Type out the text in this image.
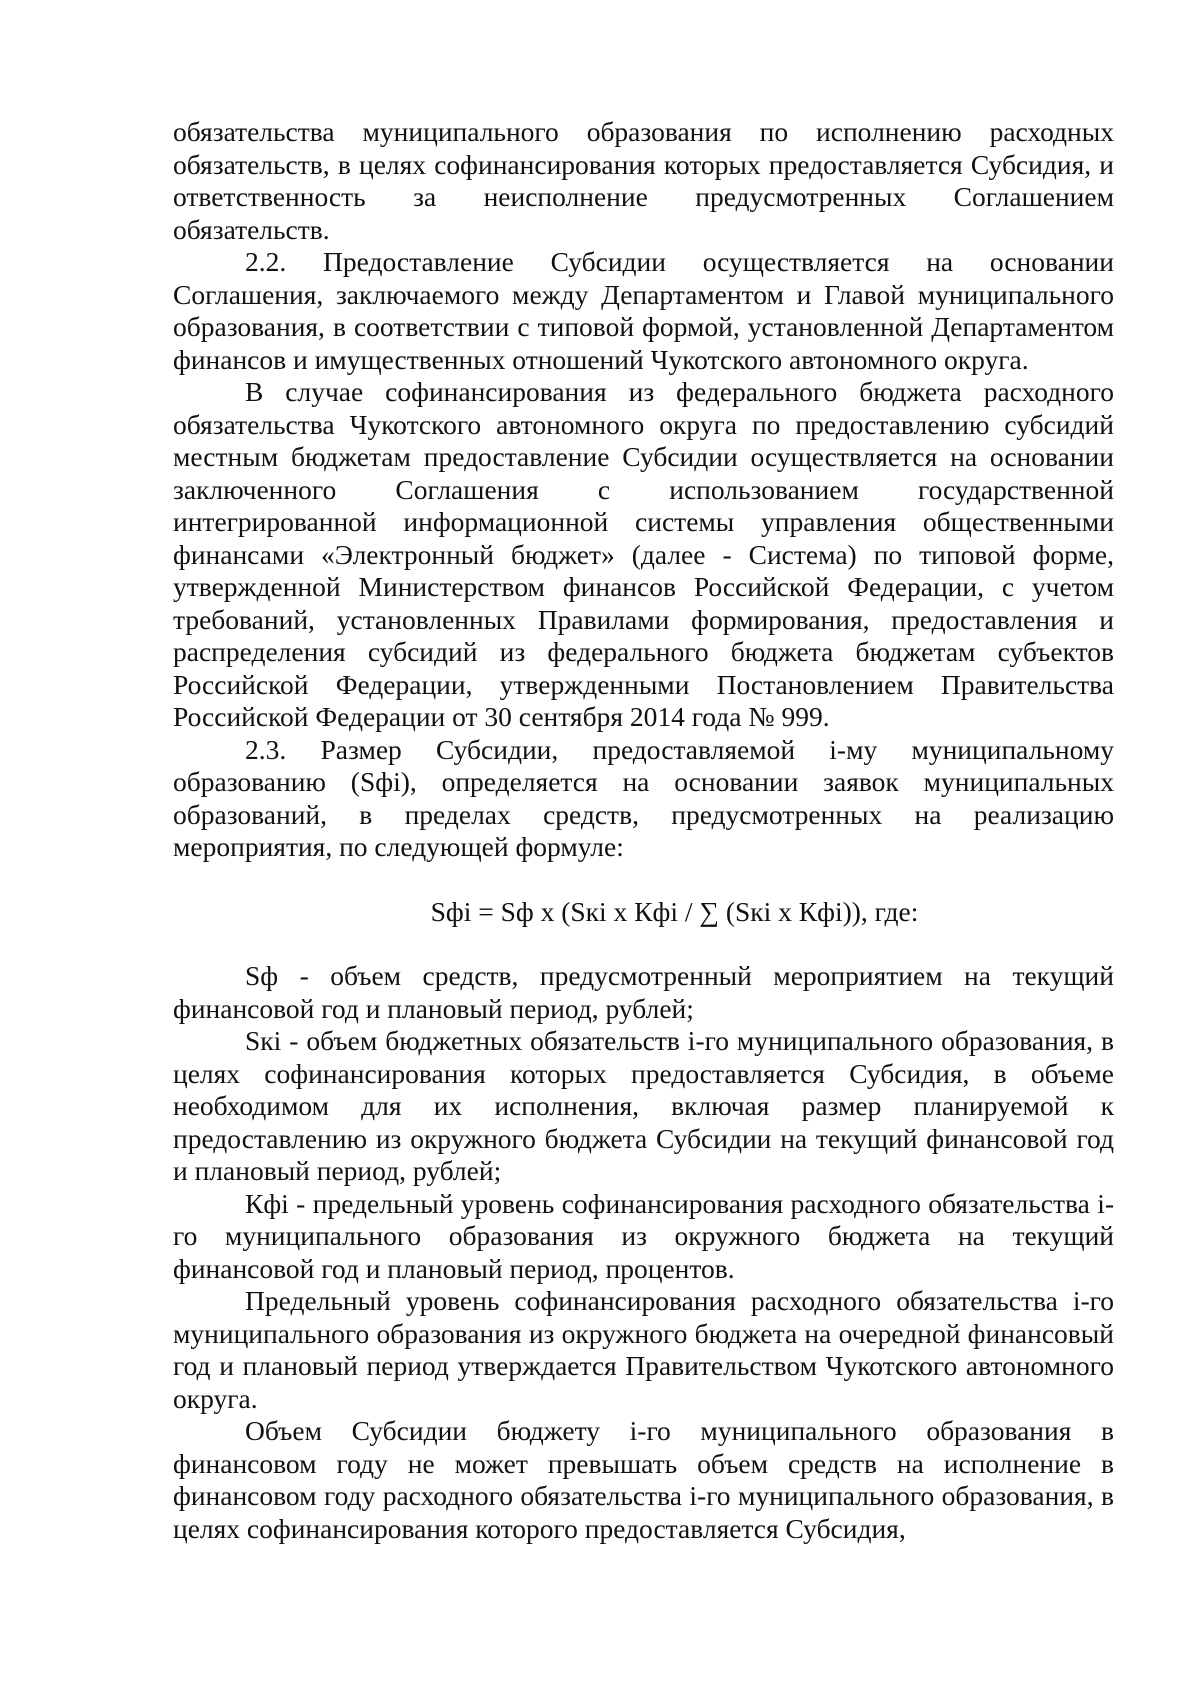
обязательства муниципального образования по исполнению расходных обязательств, в целях софинансирования которых предоставляется Субсидия, и ответственность за неисполнение предусмотренных Соглашением обязательств.

2.2. Предоставление Субсидии осуществляется на основании Соглашения, заключаемого между Департаментом и Главой муниципального образования, в соответствии с типовой формой, установленной Департаментом финансов и имущественных отношений Чукотского автономного округа.

В случае софинансирования из федерального бюджета расходного обязательства Чукотского автономного округа по предоставлению субсидий местным бюджетам предоставление Субсидии осуществляется на основании заключенного Соглашения с использованием государственной интегрированной информационной системы управления общественными финансами «Электронный бюджет» (далее - Система) по типовой форме, утвержденной Министерством финансов Российской Федерации, с учетом требований, установленных Правилами формирования, предоставления и распределения субсидий из федерального бюджета бюджетам субъектов Российской Федерации, утвержденными Постановлением Правительства Российской Федерации от 30 сентября 2014 года № 999.

2.3. Размер Субсидии, предоставляемой i-му муниципальному образованию (Sфi), определяется на основании заявок муниципальных образований, в пределах средств, предусмотренных на реализацию мероприятия, по следующей формуле:

Sфi = Sф x (Sкi x Кфi / ∑ (Sкi x Кфi)), где:

Sф - объем средств, предусмотренный мероприятием на текущий финансовой год и плановый период, рублей;

Sкi - объем бюджетных обязательств i-го муниципального образования, в целях софинансирования которых предоставляется Субсидия, в объеме необходимом для их исполнения, включая размер планируемой к предоставлению из окружного бюджета Субсидии на текущий финансовой год и плановый период, рублей;

Кфi - предельный уровень софинансирования расходного обязательства i-го муниципального образования из окружного бюджета на текущий финансовой год и плановый период, процентов.

Предельный уровень софинансирования расходного обязательства i-го муниципального образования из окружного бюджета на очередной финансовый год и плановый период утверждается Правительством Чукотского автономного округа.

Объем Субсидии бюджету i-го муниципального образования в финансовом году не может превышать объем средств на исполнение в финансовом году расходного обязательства i-го муниципального образования, в целях софинансирования которого предоставляется Субсидия,
